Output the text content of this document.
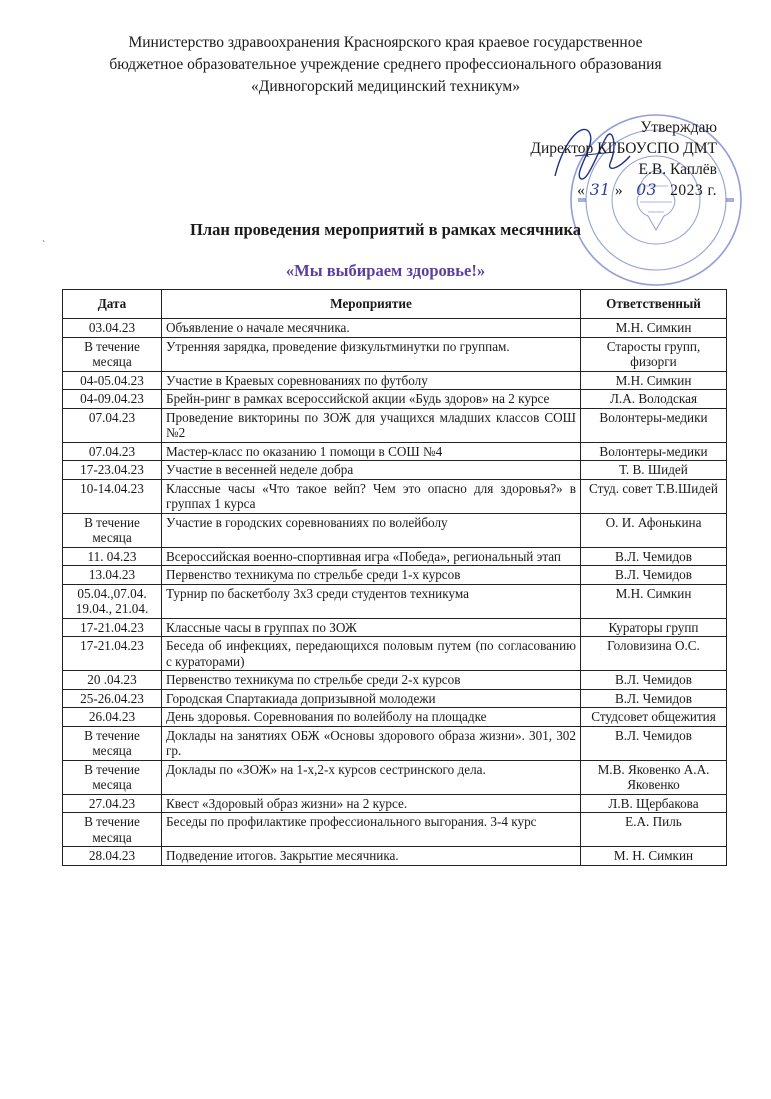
Министерство здравоохранения Красноярского края краевое государственное
бюджетное образовательное учреждение среднего профессионального образования
«Дивногорский медицинский техникум»
Утверждаю
Директор КГБОУСПО ДМТ
Е.В. Каплёв
« 31 » 03 2023 г.
`
План проведения мероприятий в рамках месячника
«Мы выбираем здоровье!»
Дата	Мероприятие	Ответственный
03.04.23	Объявление о начале месячника.	М.Н. Симкин
В течение месяца	Утренняя зарядка, проведение физкультминутки по группам.	Старосты групп, физорги
04-05.04.23	Участие в Краевых соревнованиях по футболу	М.Н. Симкин
04-09.04.23	Брейн-ринг в рамках всероссийской акции «Будь здоров» на 2 курсе	Л.А. Володская
07.04.23	Проведение викторины по ЗОЖ для учащихся младших классов СОШ №2	Волонтеры-медики
07.04.23	Мастер-класс по оказанию 1 помощи в СОШ №4	Волонтеры-медики
17-23.04.23	Участие в весенней неделе добра	Т. В. Шидей
10-14.04.23	Классные часы «Что такое вейп? Чем это опасно для здоровья?» в группах 1 курса	Студ. совет Т.В.Шидей
В течение месяца	Участие в городских соревнованиях по волейболу	О. И. Афонькина
11. 04.23	Всероссийская военно-спортивная игра «Победа», региональный этап	В.Л. Чемидов
13.04.23	Первенство техникума по стрельбе среди 1-х курсов	В.Л. Чемидов
05.04.,07.04. 19.04., 21.04.	Турнир по баскетболу 3х3 среди студентов техникума	М.Н. Симкин
17-21.04.23	Классные часы в группах по ЗОЖ	Кураторы групп
17-21.04.23	Беседа об инфекциях, передающихся половым путем (по согласованию с кураторами)	Головизина О.С.
20 .04.23	Первенство техникума по стрельбе среди 2-х курсов	В.Л. Чемидов
25-26.04.23	Городская Спартакиада допризывной молодежи	В.Л. Чемидов
26.04.23	День здоровья. Соревнования по волейболу на площадке	Студсовет общежития
В течение месяца	Доклады на занятиях ОБЖ «Основы здорового образа жизни». 301, 302 гр.	В.Л. Чемидов
В течение месяца	Доклады по «ЗОЖ» на 1-х,2-х курсов сестринского дела.	М.В. Яковенко А.А. Яковенко
27.04.23	Квест «Здоровый образ жизни» на 2 курсе.	Л.В. Щербакова
В течение месяца	Беседы по профилактике профессионального выгорания. 3-4 курс	Е.А. Пиль
28.04.23	Подведение итогов. Закрытие месячника.	М. Н. Симкин
